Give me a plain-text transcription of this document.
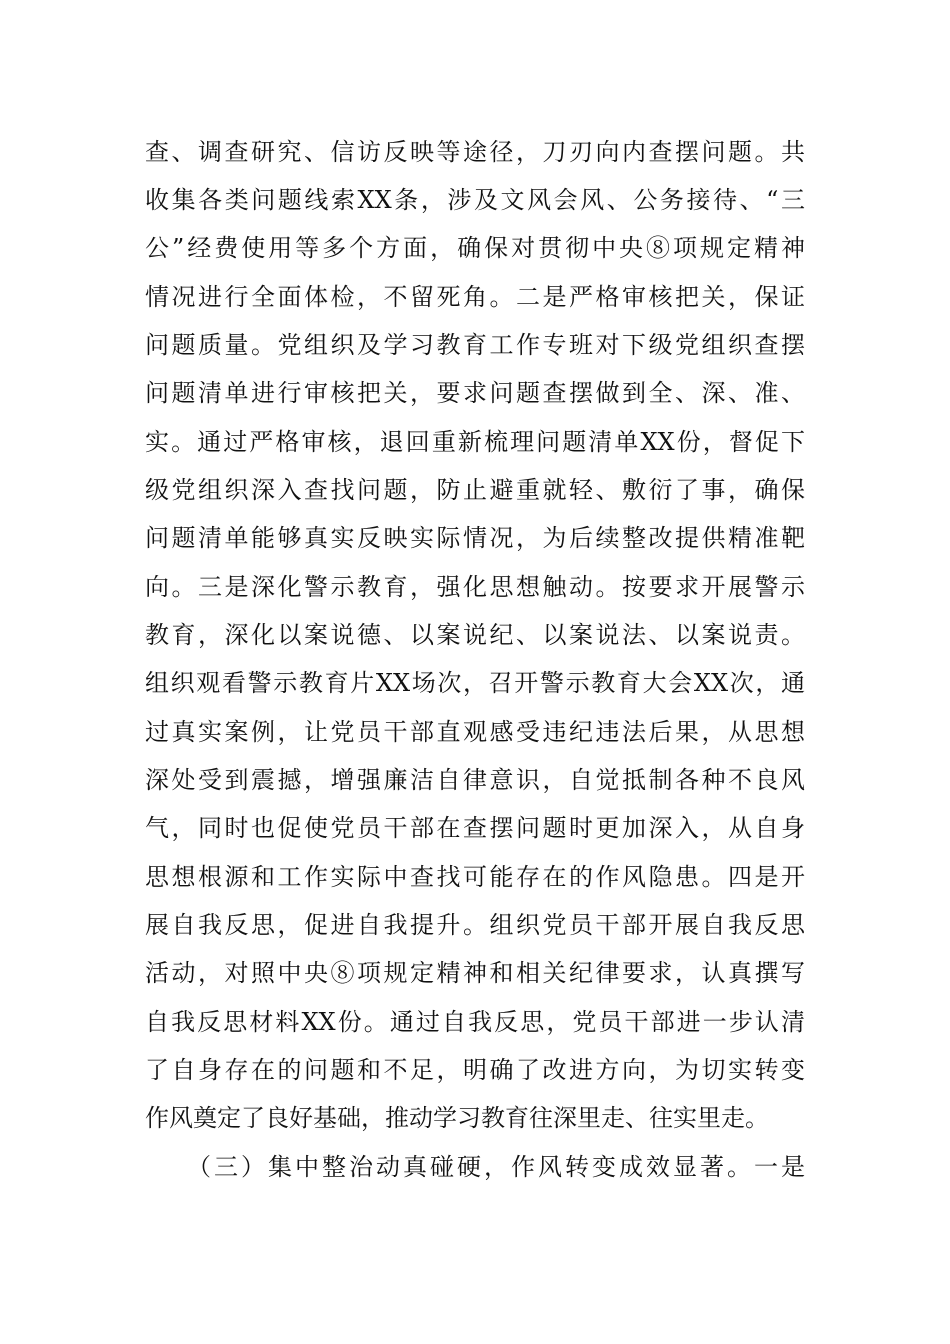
查、调查研究、信访反映等途径，刀刃向内查摆问题。共
收集各类问题线索XX条，涉及文风会风、公务接待、“三
公”经费使用等多个方面，确保对贯彻中央⑧项规定精神
情况进行全面体检，不留死角。二是严格审核把关，保证
问题质量。党组织及学习教育工作专班对下级党组织查摆
问题清单进行审核把关，要求问题查摆做到全、深、准、
实。通过严格审核，退回重新梳理问题清单XX份，督促下
级党组织深入查找问题，防止避重就轻、敷衍了事，确保
问题清单能够真实反映实际情况，为后续整改提供精准靶
向。三是深化警示教育，强化思想触动。按要求开展警示
教育，深化以案说德、以案说纪、以案说法、以案说责。
组织观看警示教育片XX场次，召开警示教育大会XX次，通
过真实案例，让党员干部直观感受违纪违法后果，从思想
深处受到震撼，增强廉洁自律意识，自觉抵制各种不良风
气，同时也促使党员干部在查摆问题时更加深入，从自身
思想根源和工作实际中查找可能存在的作风隐患。四是开
展自我反思，促进自我提升。组织党员干部开展自我反思
活动，对照中央⑧项规定精神和相关纪律要求，认真撰写
自我反思材料XX份。通过自我反思，党员干部进一步认清
了自身存在的问题和不足，明确了改进方向，为切实转变
作风奠定了良好基础，推动学习教育往深里走、往实里走。
　　（三）集中整治动真碰硬，作风转变成效显著。一是
